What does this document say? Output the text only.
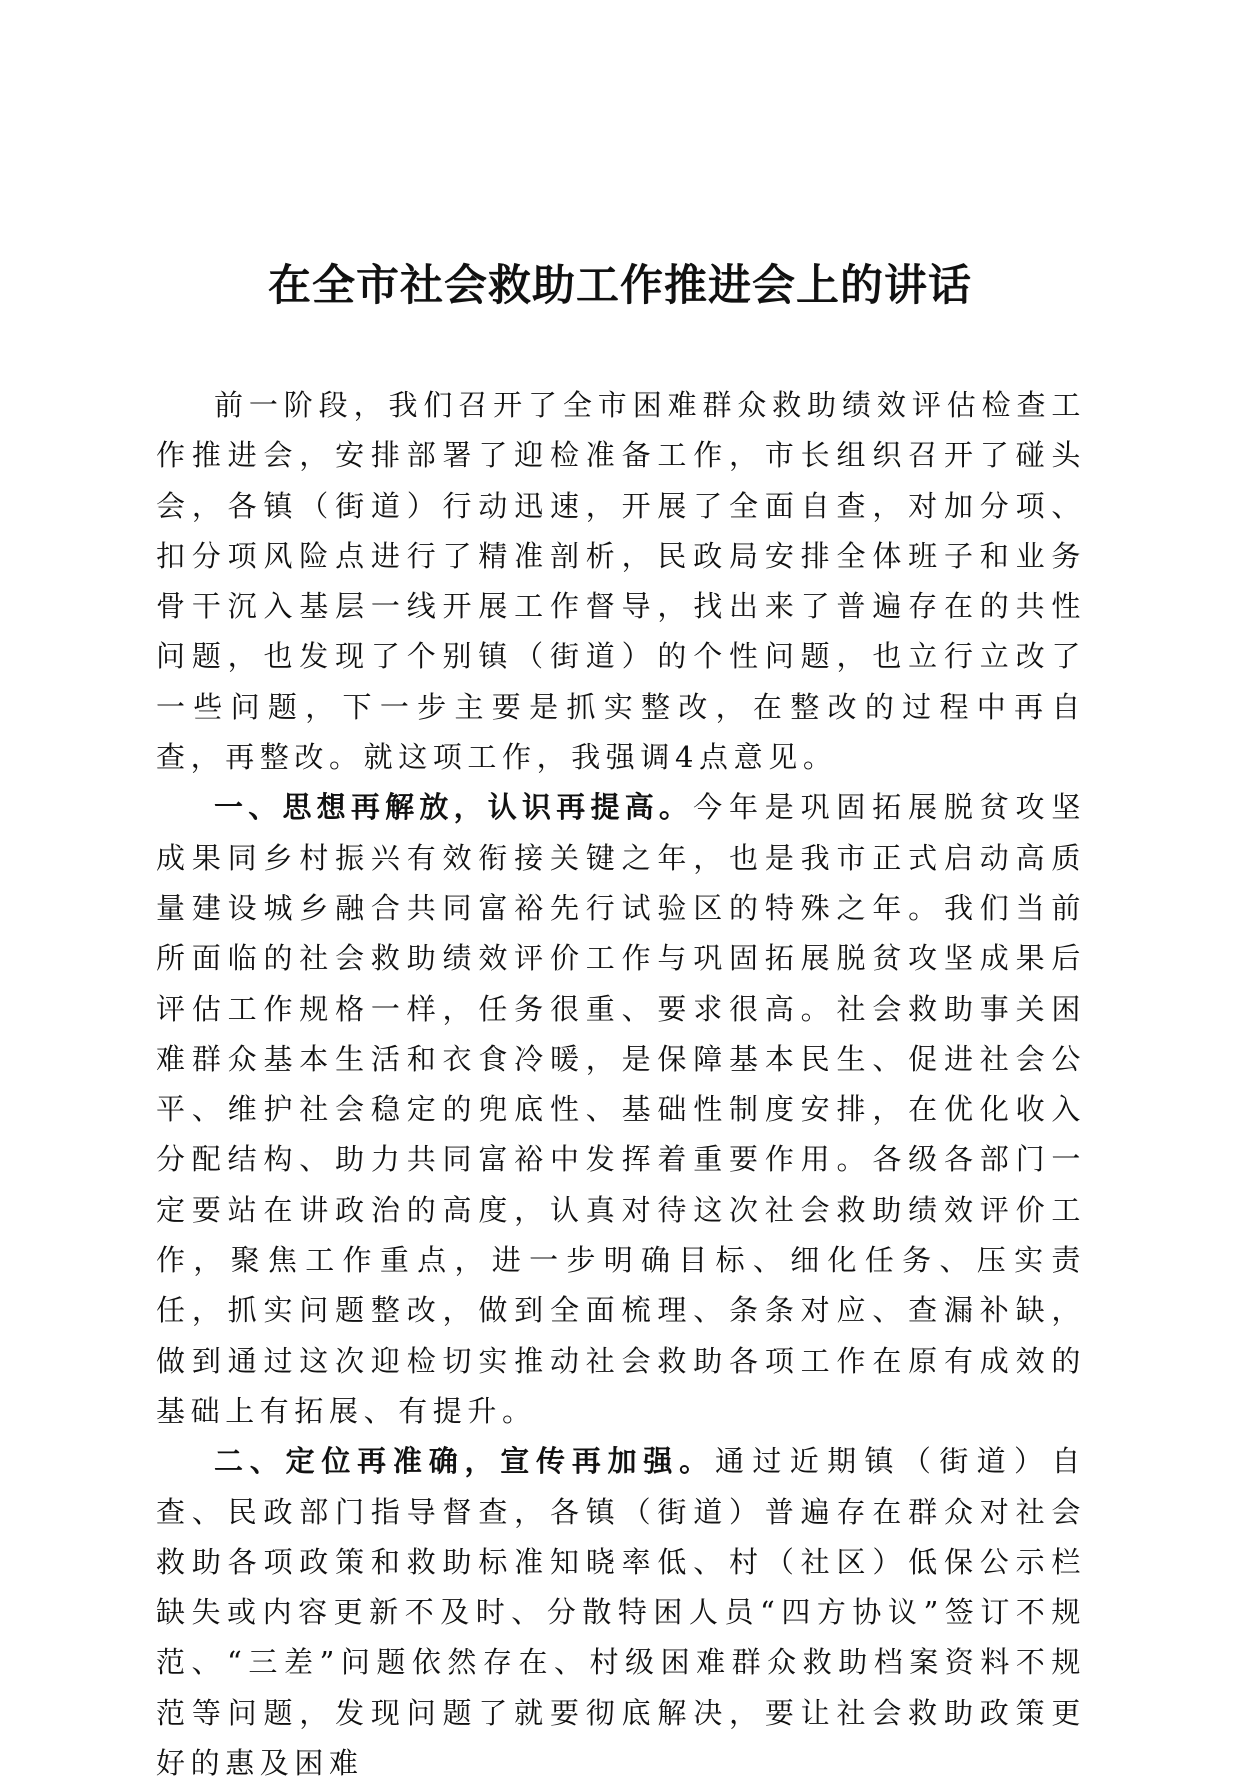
在全市社会救助工作推进会上的讲话

前一阶段，我们召开了全市困难群众救助绩效评估检查工作推进会，安排部署了迎检准备工作，市长组织召开了碰头会，各镇（街道）行动迅速，开展了全面自查，对加分项、扣分项风险点进行了精准剖析，民政局安排全体班子和业务骨干沉入基层一线开展工作督导，找出来了普遍存在的共性问题，也发现了个别镇（街道）的个性问题，也立行立改了一些问题，下一步主要是抓实整改，在整改的过程中再自查，再整改。就这项工作，我强调4点意见。

一、思想再解放，认识再提高。今年是巩固拓展脱贫攻坚成果同乡村振兴有效衔接关键之年，也是我市正式启动高质量建设城乡融合共同富裕先行试验区的特殊之年。我们当前所面临的社会救助绩效评价工作与巩固拓展脱贫攻坚成果后评估工作规格一样，任务很重、要求很高。社会救助事关困难群众基本生活和衣食冷暖，是保障基本民生、促进社会公平、维护社会稳定的兜底性、基础性制度安排，在优化收入分配结构、助力共同富裕中发挥着重要作用。各级各部门一定要站在讲政治的高度，认真对待这次社会救助绩效评价工作，聚焦工作重点，进一步明确目标、细化任务、压实责任，抓实问题整改，做到全面梳理、条条对应、查漏补缺，做到通过这次迎检切实推动社会救助各项工作在原有成效的基础上有拓展、有提升。

二、定位再准确，宣传再加强。通过近期镇（街道）自查、民政部门指导督查，各镇（街道）普遍存在群众对社会救助各项政策和救助标准知晓率低、村（社区）低保公示栏缺失或内容更新不及时、分散特困人员“四方协议”签订不规范、“三差”问题依然存在、村级困难群众救助档案资料不规范等问题，发现问题了就要彻底解决，要让社会救助政策更好的惠及困难
